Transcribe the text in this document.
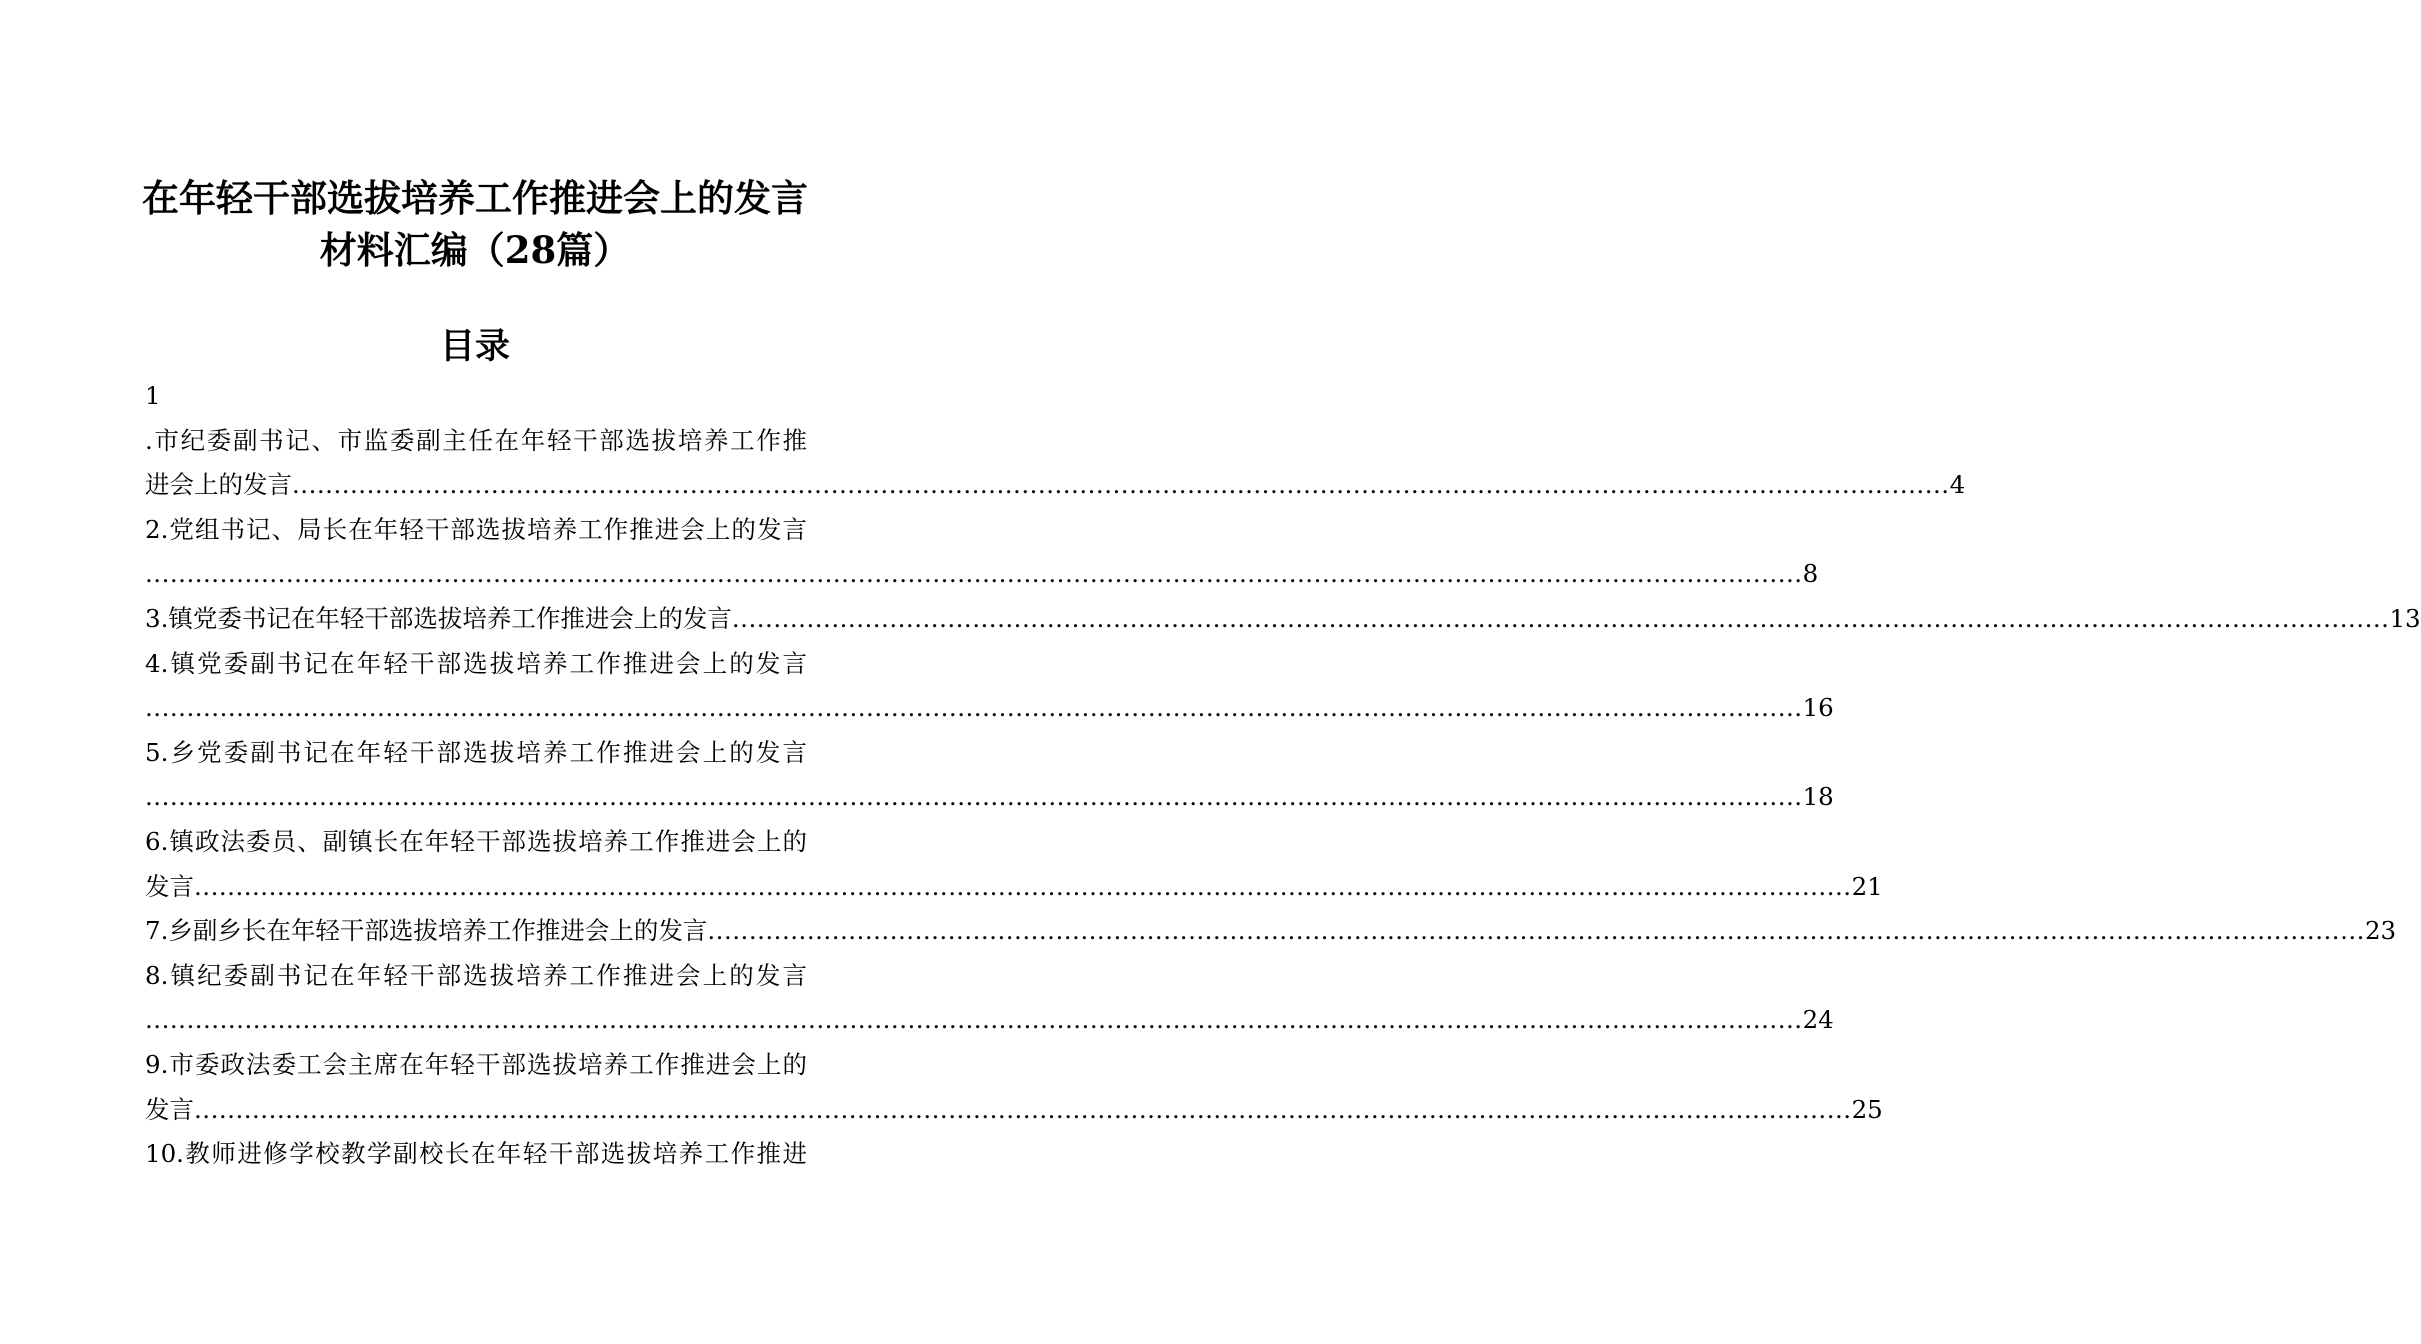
在年轻干部选拔培养工作推进会上的发言
材料汇编（28篇）
目录
1
.市纪委副书记、市监委副主任在年轻干部选拔培养工作推
进会上的发言 ........................................................................................................................................................................................................ 4
2.党组书记、局长在年轻干部选拔培养工作推进会上的发言
........................................................................................................................................................................................................ 8
3.镇党委书记在年轻干部选拔培养工作推进会上的发言 ........................................................................................................................................................................................................ 13
4.镇党委副书记在年轻干部选拔培养工作推进会上的发言
........................................................................................................................................................................................................ 16
5.乡党委副书记在年轻干部选拔培养工作推进会上的发言
........................................................................................................................................................................................................ 18
6.镇政法委员、副镇长在年轻干部选拔培养工作推进会上的
发言 ........................................................................................................................................................................................................ 21
7.乡副乡长在年轻干部选拔培养工作推进会上的发言 ........................................................................................................................................................................................................ 23
8.镇纪委副书记在年轻干部选拔培养工作推进会上的发言
........................................................................................................................................................................................................ 24
9.市委政法委工会主席在年轻干部选拔培养工作推进会上的
发言 ........................................................................................................................................................................................................ 25
10.教师进修学校教学副校长在年轻干部选拔培养工作推进
